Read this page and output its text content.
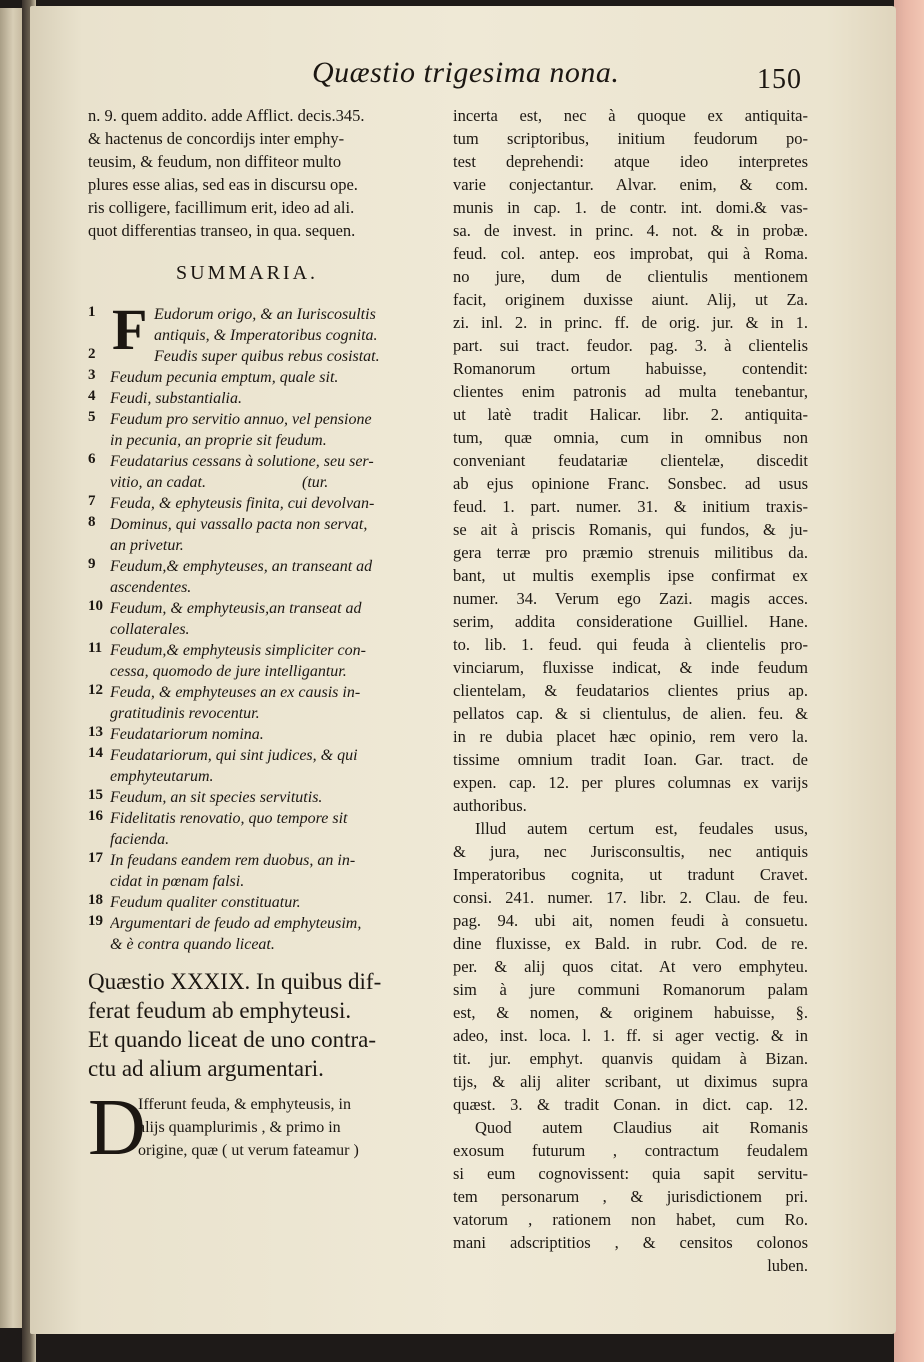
Quæstio trigesima nona.	150
n. 9. quem addito. adde Afflict. decis.345.
& hactenus de concordijs inter emphy-
teusim, & feudum, non diffiteor multo
plures esse alias, sed eas in discursu ope.
ris colligere, facillimum erit, ideo ad ali.
quot differentias transeo, in qua. sequen.
SUMMARIA.
F
1	Eudorum origo, & an Iuriscosultis
antiquis, & Imperatoribus cognita.
2	Feudis super quibus rebus cosistat.
3 Feudum pecunia emptum, quale sit.
4 Feudi, substantialia.
5 Feudum pro servitio annuo, vel pensione
in pecunia, an proprie sit feudum.
6 Feudatarius cessans à solutione, seu ser-
vitio, an cadat.                        (tur.
7 Feuda, & ephyteusis finita, cui devolvan-
8 Dominus, qui vassallo pacta non servat,
an privetur.
9 Feudum,& emphyteuses, an transeant ad
ascendentes.
10 Feudum, & emphyteusis,an transeat ad
collaterales.
11 Feudum,& emphyteusis simpliciter con-
cessa, quomodo de jure intelligantur.
12 Feuda, & emphyteuses an ex causis in-
gratitudinis revocentur.
13 Feudatariorum nomina.
14 Feudatariorum, qui sint judices, & qui
emphyteutarum.
15 Feudum, an sit species servitutis.
16 Fidelitatis renovatio, quo tempore sit
facienda.
17 In feudans eandem rem duobus, an in-
cidat in pœnam falsi.
18 Feudum qualiter constituatur.
19 Argumentari de feudo ad emphyteusim,
& è contra quando liceat.
Quæstio XXXIX. In quibus dif-
ferat feudum ab emphyteusi.
Et quando liceat de uno contra-
ctu ad alium argumentari.
D
Ifferunt feuda, & emphyteusis, in
alijs quamplurimis , & primo in
origine, quæ ( ut verum fateamur )
incerta est, nec à quoque ex antiquita-
tum scriptoribus, initium feudorum po-
test deprehendi: atque ideo interpretes
varie conjectantur. Alvar. enim, & com.
munis in cap. 1. de contr. int. domi.& vas-
sa. de invest. in princ. 4. not. & in probæ.
feud. col. antep. eos improbat, qui à Roma.
no jure, dum de clientulis mentionem
facit, originem duxisse aiunt. Alij, ut Za.
zi. inl. 2. in princ. ff. de orig. jur. & in 1.
part. sui tract. feudor. pag. 3. à clientelis
Romanorum ortum habuisse, contendit:
clientes enim patronis ad multa tenebantur,
ut latè tradit Halicar. libr. 2. antiquita-
tum, quæ omnia, cum in omnibus non
conveniant feudatariæ clientelæ, discedit
ab ejus opinione Franc. Sonsbec. ad usus
feud. 1. part. numer. 31. & initium traxis-
se ait à priscis Romanis, qui fundos, & ju-
gera terræ pro præmio strenuis militibus da.
bant, ut multis exemplis ipse confirmat ex
numer. 34. Verum ego Zazi. magis acces.
serim, addita consideratione Guilliel. Hane.
to. lib. 1. feud. qui feuda à clientelis pro-
vinciarum, fluxisse indicat, & inde feudum
clientelam, & feudatarios clientes prius ap.
pellatos cap. & si clientulus, de alien. feu. &
in re dubia placet hæc opinio, rem vero la.
tissime omnium tradit Ioan. Gar. tract. de
expen. cap. 12. per plures columnas ex varijs
authoribus.
Illud autem certum est, feudales usus,
& jura, nec Jurisconsultis, nec antiquis
Imperatoribus cognita, ut tradunt Cravet.
consi. 241. numer. 17. libr. 2. Clau. de feu.
pag. 94. ubi ait, nomen feudi à consuetu.
dine fluxisse, ex Bald. in rubr. Cod. de re.
per. & alij quos citat. At vero emphyteu.
sim à jure communi Romanorum palam
est, & nomen, & originem habuisse, §.
adeo, inst. loca. l. 1. ff. si ager vectig. & in
tit. jur. emphyt. quanvis quidam à Bizan.
tijs, & alij aliter scribant, ut diximus supra
quæst. 3. & tradit Conan. in dict. cap. 12.
Quod autem Claudius ait Romanis
exosum futurum , contractum feudalem
si eum cognovissent: quia sapit servitu-
tem personarum , & jurisdictionem pri.
vatorum , rationem non habet, cum Ro.
mani adscriptitios , & censitos colonos
luben.
